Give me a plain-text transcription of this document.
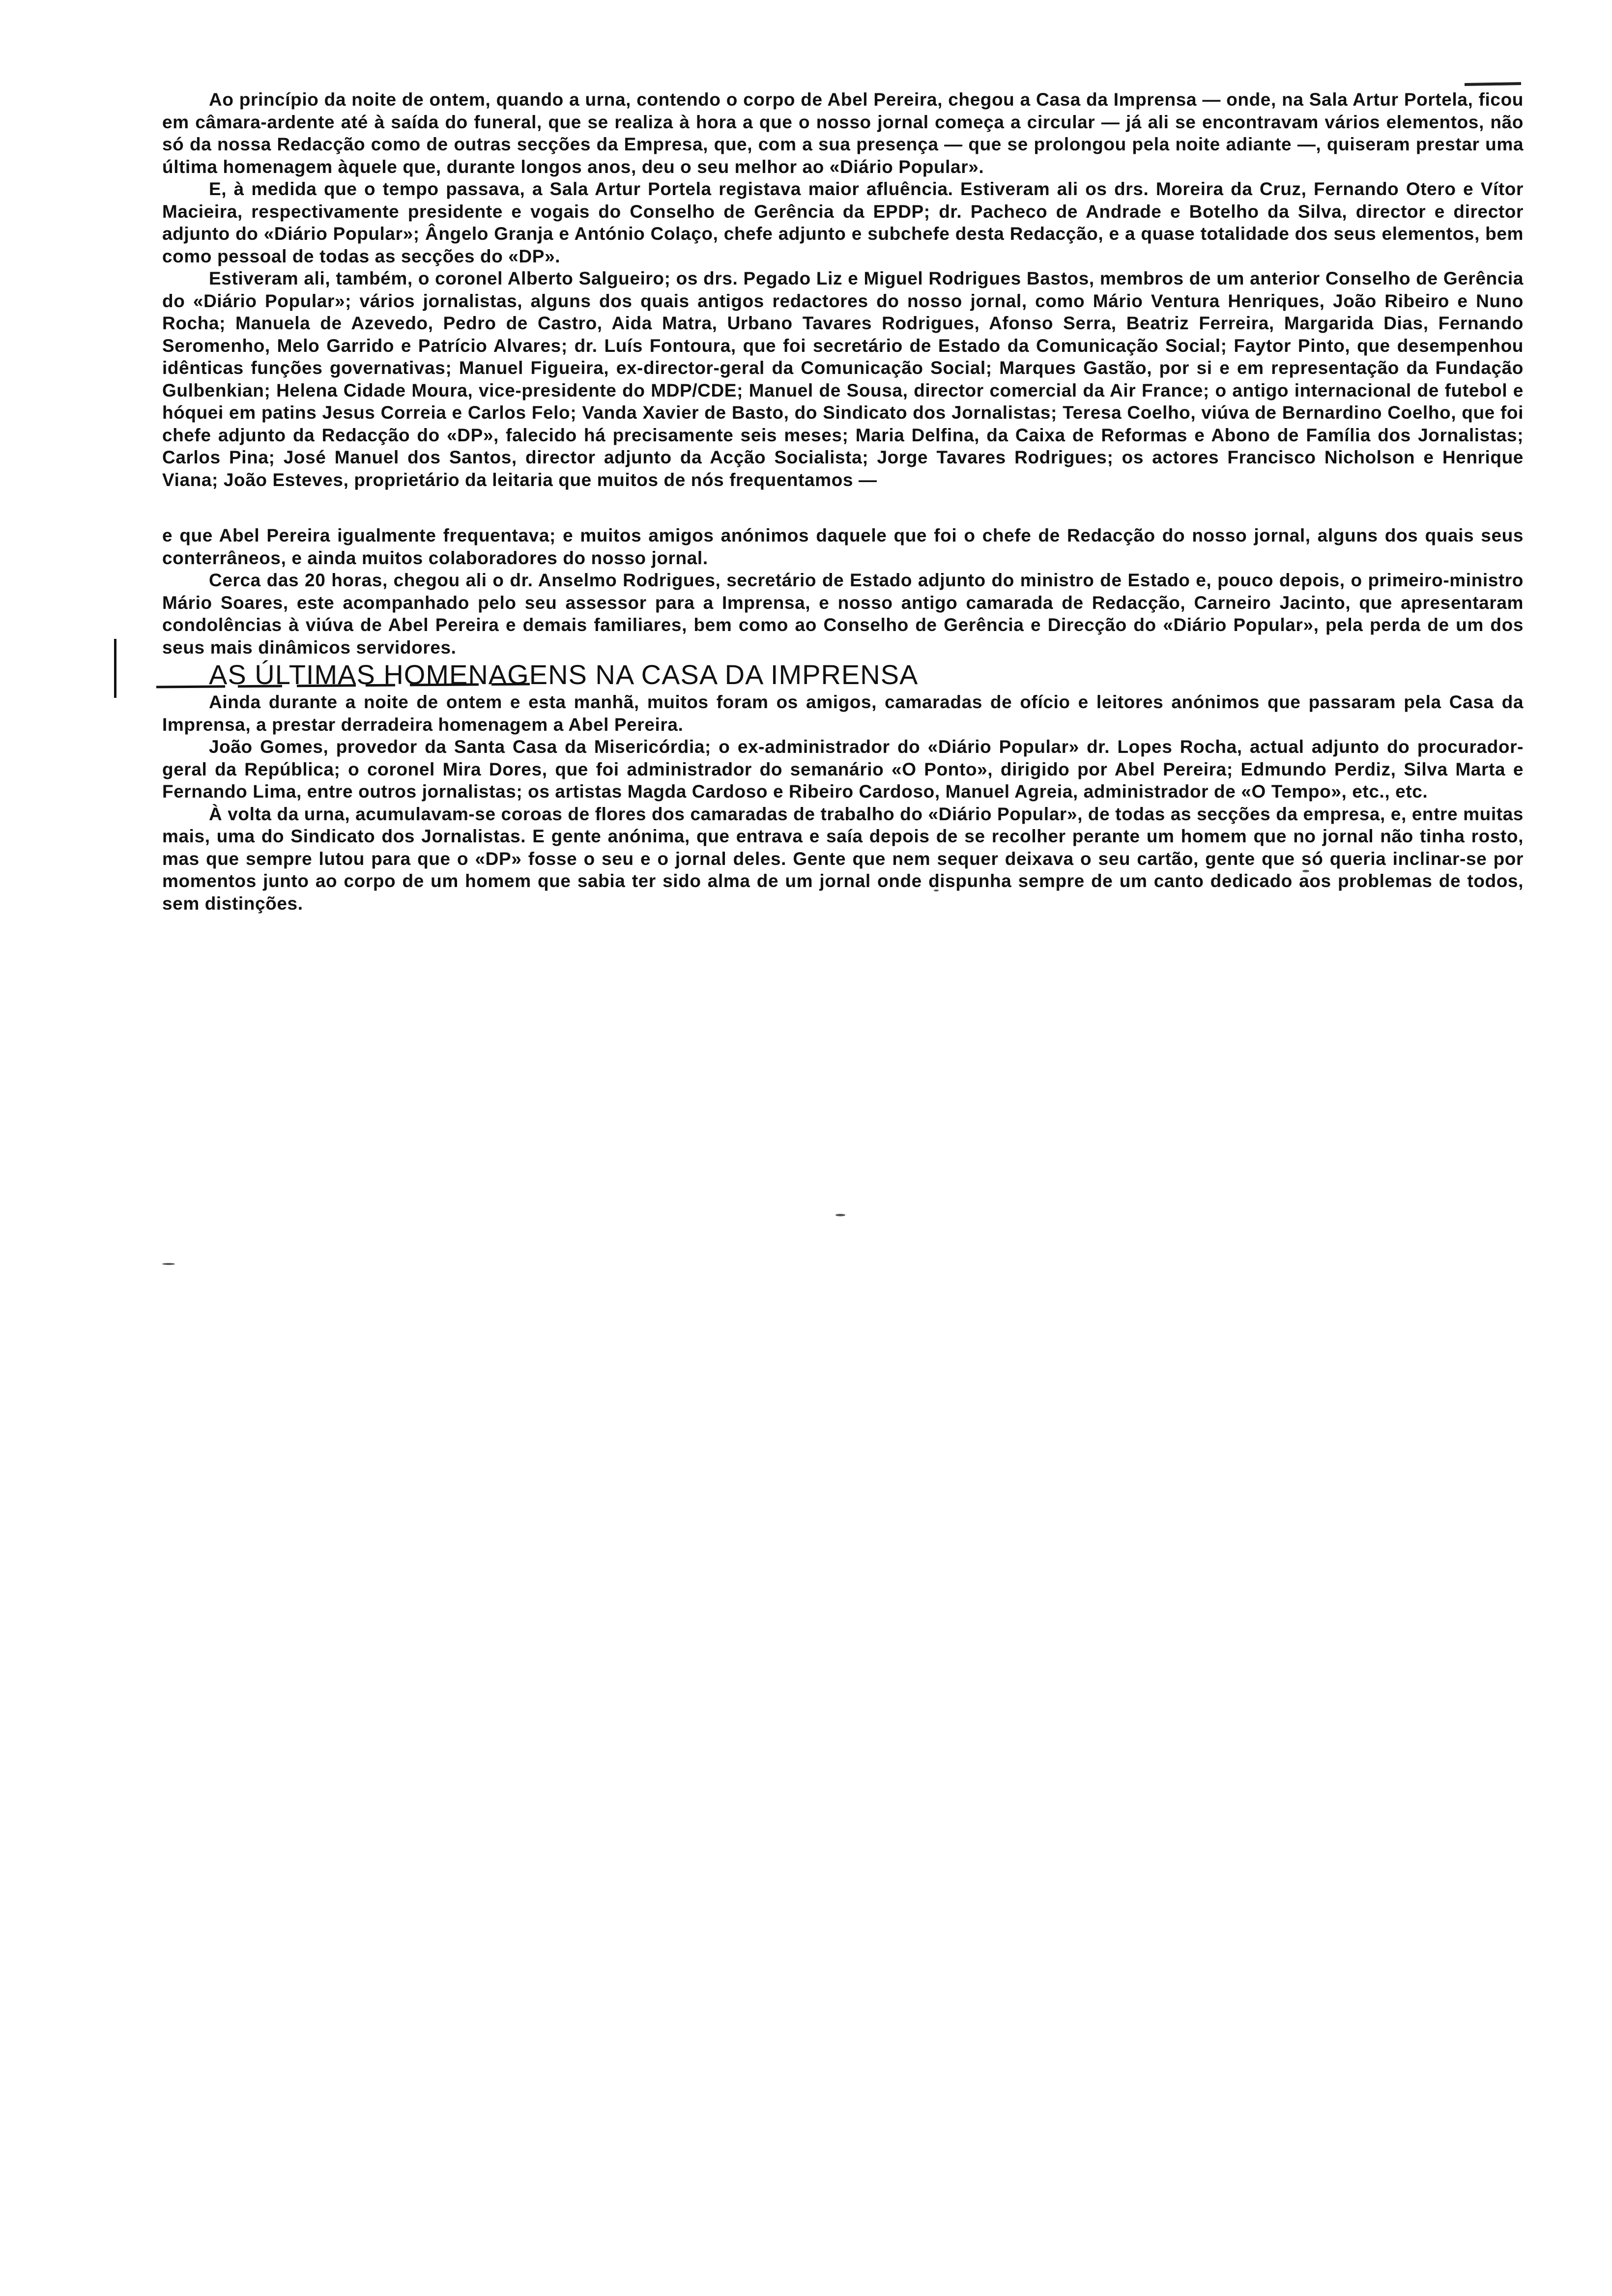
Ao princípio da noite de ontem, quando a urna, contendo o corpo de Abel Pereira, chegou a Casa da Imprensa — onde, na Sala Artur Portela, ficou em câmara-ardente até à saída do funeral, que se realiza à hora a que o nosso jornal começa a circular — já ali se encontravam vários elementos, não só da nossa Redacção como de outras secções da Empresa, que, com a sua presença — que se prolongou pela noite adiante —, quiseram prestar uma última homenagem àquele que, durante longos anos, deu o seu melhor ao «Diário Popular».

E, à medida que o tempo passava, a Sala Artur Portela registava maior afluência. Estiveram ali os drs. Moreira da Cruz, Fernando Otero e Vítor Macieira, respectivamente presidente e vogais do Conselho de Gerência da EPDP; dr. Pacheco de Andrade e Botelho da Silva, director e director adjunto do «Diário Popular»; Ângelo Granja e António Colaço, chefe adjunto e subchefe desta Redacção, e a quase totalidade dos seus elementos, bem como pessoal de todas as secções do «DP».

Estiveram ali, também, o coronel Alberto Salgueiro; os drs. Pegado Liz e Miguel Rodrigues Bastos, membros de um anterior Conselho de Gerência do «Diário Popular»; vários jornalistas, alguns dos quais antigos redactores do nosso jornal, como Mário Ventura Henriques, João Ribeiro e Nuno Rocha; Manuela de Azevedo, Pedro de Castro, Aida Matra, Urbano Tavares Rodrigues, Afonso Serra, Beatriz Ferreira, Margarida Dias, Fernando Seromenho, Melo Garrido e Patrício Alvares; dr. Luís Fontoura, que foi secretário de Estado da Comunicação Social; Faytor Pinto, que desempenhou idênticas funções governativas; Manuel Figueira, ex-director-geral da Comunicação Social; Marques Gastão, por si e em representação da Fundação Gulbenkian; Helena Cidade Moura, vice-presidente do MDP/CDE; Manuel de Sousa, director comercial da Air France; o antigo internacional de futebol e hóquei em patins Jesus Correia e Carlos Felo; Vanda Xavier de Basto, do Sindicato dos Jornalistas; Teresa Coelho, viúva de Bernardino Coelho, que foi chefe adjunto da Redacção do «DP», falecido há precisamente seis meses; Maria Delfina, da Caixa de Reformas e Abono de Família dos Jornalistas; Carlos Pina; José Manuel dos Santos, director adjunto da Acção Socialista; Jorge Tavares Rodrigues; os actores Francisco Nicholson e Henrique Viana; João Esteves, proprietário da leitaria que muitos de nós frequentamos —

e que Abel Pereira igualmente frequentava; e muitos amigos anónimos daquele que foi o chefe de Redacção do nosso jornal, alguns dos quais seus conterrâneos, e ainda muitos colaboradores do nosso jornal.

Cerca das 20 horas, chegou ali o dr. Anselmo Rodrigues, secretário de Estado adjunto do ministro de Estado e, pouco depois, o primeiro-ministro Mário Soares, este acompanhado pelo seu assessor para a Imprensa, e nosso antigo camarada de Redacção, Carneiro Jacinto, que apresentaram condolências à viúva de Abel Pereira e demais familiares, bem como ao Conselho de Gerência e Direcção do «Diário Popular», pela perda de um dos seus mais dinâmicos servidores.

AS ÚLTIMAS HOMENAGENS NA CASA DA IMPRENSA

Ainda durante a noite de ontem e esta manhã, muitos foram os amigos, camaradas de ofício e leitores anónimos que passaram pela Casa da Imprensa, a prestar derradeira homenagem a Abel Pereira.

João Gomes, provedor da Santa Casa da Misericórdia; o ex-administrador do «Diário Popular» dr. Lopes Rocha, actual adjunto do procurador-geral da República; o coronel Mira Dores, que foi administrador do semanário «O Ponto», dirigido por Abel Pereira; Edmundo Perdiz, Silva Marta e Fernando Lima, entre outros jornalistas; os artistas Magda Cardoso e Ribeiro Cardoso, Manuel Agreia, administrador de «O Tempo», etc., etc.

À volta da urna, acumulavam-se coroas de flores dos camaradas de trabalho do «Diário Popular», de todas as secções da empresa, e, entre muitas mais, uma do Sindicato dos Jornalistas. E gente anónima, que entrava e saía depois de se recolher perante um homem que no jornal não tinha rosto, mas que sempre lutou para que o «DP» fosse o seu e o jornal deles. Gente que nem sequer deixava o seu cartão, gente que só queria inclinar-se por momentos junto ao corpo de um homem que sabia ter sido alma de um jornal onde dispunha sempre de um canto dedicado aos problemas de todos, sem distinções.
